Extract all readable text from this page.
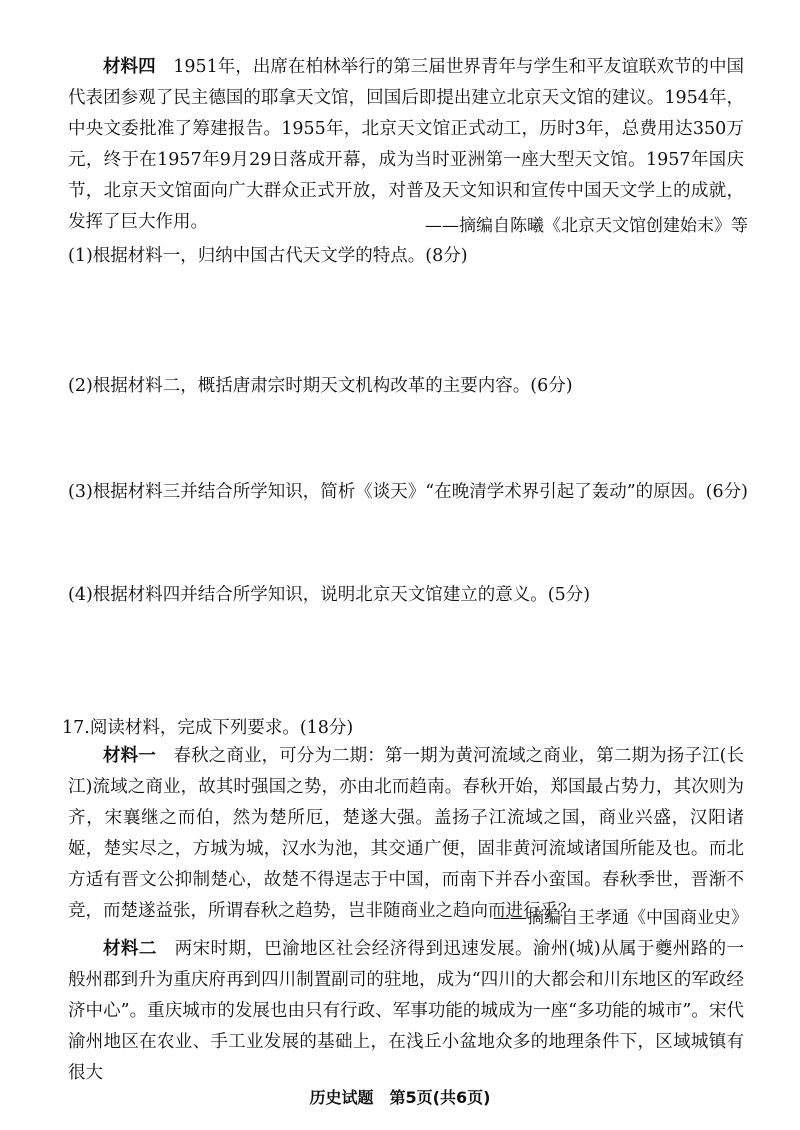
材料四　 1951年，出席在柏林举行的第三届世界青年与学生和平友谊联欢节的中国代表团参观了民主德国的耶拿天文馆，回国后即提出建立北京天文馆的建议。1954年，中央文委批准了筹建报告。1955年，北京天文馆正式动工，历时3年，总费用达350万元，终于在1957年9月29日落成开幕，成为当时亚洲第一座大型天文馆。1957年国庆节，北京天文馆面向广大群众正式开放，对普及天文知识和宣传中国天文学上的成就，发挥了巨大作用。	——摘编自陈曦《北京天文馆创建始末》等
(1)根据材料一，归纳中国古代天文学的特点。(8分)
(2)根据材料二，概括唐肃宗时期天文机构改革的主要内容。(6分)
(3)根据材料三并结合所学知识，简析《谈天》“在晚清学术界引起了轰动”的原因。(6分)
(4)根据材料四并结合所学知识，说明北京天文馆建立的意义。(5分)
17.阅读材料，完成下列要求。(18分)

材料一　 春秋之商业，可分为二期：第一期为黄河流域之商业，第二期为扬子江(长江)流域之商业，故其时强国之势，亦由北而趋南。春秋开始，郑国最占势力，其次则为齐，宋襄继之而伯，然为楚所厄，楚遂大强。盖扬子江流域之国，商业兴盛，汉阳诸姬，楚实尽之，方城为城，汉水为池，其交通广便，固非黄河流域诸国所能及也。而北方适有晋文公抑制楚心，故楚不得逞志于中国，而南下并吞小蛮国。春秋季世，晋渐不竞，而楚遂益张，所谓春秋之趋势，岂非随商业之趋向而进行乎？

——摘编自王孝通《中国商业史》

材料二　 两宋时期，巴渝地区社会经济得到迅速发展。渝州(城)从属于夔州路的一般州郡到升为重庆府再到四川制置副司的驻地，成为“四川的大都会和川东地区的军政经济中心”。重庆城市的发展也由只有行政、军事功能的城成为一座“多功能的城市”。宋代渝州地区在农业、手工业发展的基础上，在浅丘小盆地众多的地理条件下，区域城镇有很大

历史试题　第5页(共6页)
